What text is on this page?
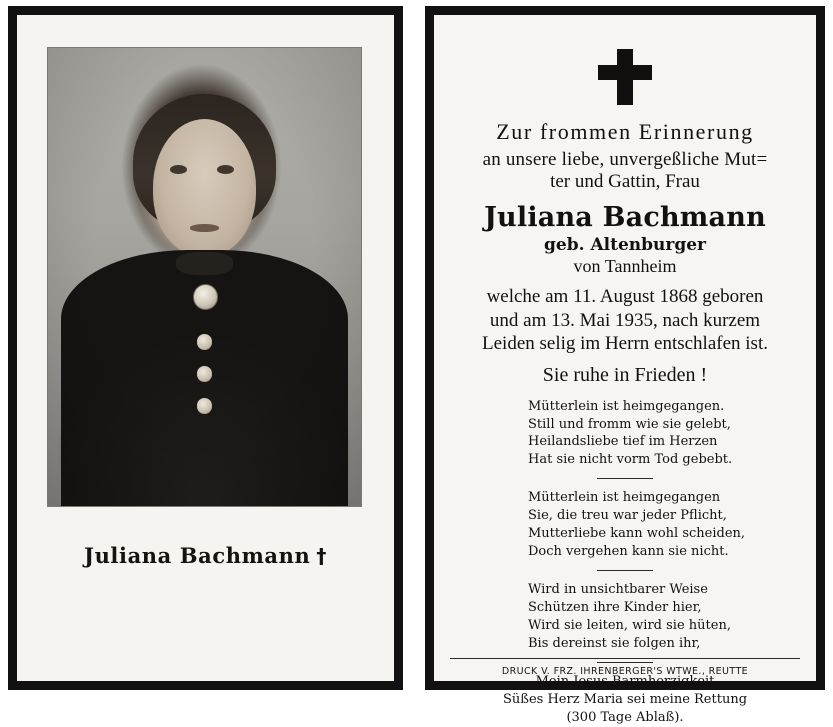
Juliana Bachmann †
Zur frommen Erinnerung
an unsere liebe, unvergeßliche Mut=
ter und Gattin, Frau
Juliana Bachmann
geb. Altenburger
von Tannheim
welche am 11. August 1868 geboren
und am 13. Mai 1935, nach kurzem
Leiden selig im Herrn entschlafen ist.
Sie ruhe in Frieden !
Mütterlein ist heimgegangen.
Still und fromm wie sie gelebt,
Heilandsliebe tief im Herzen
Hat sie nicht vorm Tod gebebt.
Mütterlein ist heimgegangen
Sie, die treu war jeder Pflicht,
Mutterliebe kann wohl scheiden,
Doch vergehen kann sie nicht.
Wird in unsichtbarer Weise
Schützen ihre Kinder hier,
Wird sie leiten, wird sie hüten,
Bis dereinst sie folgen ihr,
Mein Jesus Barmherzigkeit
Süßes Herz Maria sei meine Rettung
(300 Tage Ablaß).
DRUCK V. FRZ. IHRENBERGER'S WTWE., REUTTE
